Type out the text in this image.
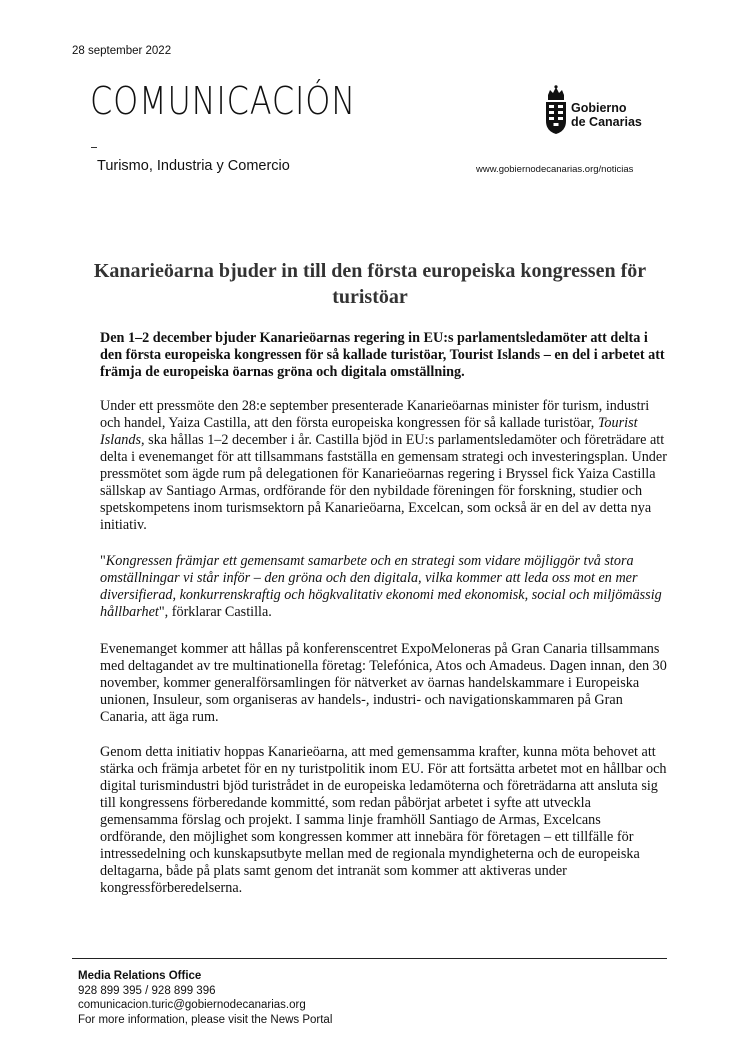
28 september 2022
COMUNICACIÓN
Turismo, Industria y Comercio
Gobierno
de Canarias
www.gobiernodecanarias.org/noticias
Kanarieöarna bjuder in till den första europeiska kongressen för turistöar
Den 1–2 december bjuder Kanarieöarnas regering in EU:s parlamentsledamöter att delta i den första europeiska kongressen för så kallade turistöar, Tourist Islands – en del i arbetet att främja de europeiska öarnas gröna och digitala omställning.

Under ett pressmöte den 28:e september presenterade Kanarieöarnas minister för turism, industri och handel, Yaiza Castilla, att den första europeiska kongressen för så kallade turistöar, Tourist Islands, ska hållas 1–2 december i år. Castilla bjöd in EU:s parlamentsledamöter och företrädare att delta i evenemanget för att tillsammans fastställa en gemensam strategi och investeringsplan. Under pressmötet som ägde rum på delegationen för Kanarieöarnas regering i Bryssel fick Yaiza Castilla sällskap av Santiago Armas, ordförande för den nybildade föreningen för forskning, studier och spetskompetens inom turismsektorn på Kanarieöarna, Excelcan, som också är en del av detta nya initiativ.

"Kongressen främjar ett gemensamt samarbete och en strategi som vidare möjliggör två stora omställningar vi står inför – den gröna och den digitala, vilka kommer att leda oss mot en mer diversifierad, konkurrenskraftig och högkvalitativ ekonomi med ekonomisk, social och miljömässig hållbarhet", förklarar Castilla.

Evenemanget kommer att hållas på konferenscentret ExpoMeloneras på Gran Canaria tillsammans med deltagandet av tre multinationella företag: Telefónica, Atos och Amadeus. Dagen innan, den 30 november, kommer generalförsamlingen för nätverket av öarnas handelskammare i Europeiska unionen, Insuleur, som organiseras av handels-, industri- och navigationskammaren på Gran Canaria, att äga rum.

Genom detta initiativ hoppas Kanarieöarna, att med gemensamma krafter, kunna möta behovet att stärka och främja arbetet för en ny turistpolitik inom EU. För att fortsätta arbetet mot en hållbar och digital turismindustri bjöd turistrådet in de europeiska ledamöterna och företrädarna att ansluta sig till kongressens förberedande kommitté, som redan påbörjat arbetet i syfte att utveckla gemensamma förslag och projekt. I samma linje framhöll Santiago de Armas, Excelcans ordförande, den möjlighet som kongressen kommer att innebära för företagen – ett tillfälle för intressedelning och kunskapsutbyte mellan med de regionala myndigheterna och de europeiska deltagarna, både på plats samt genom det intranät som kommer att aktiveras under kongressförberedelserna.

Media Relations Office
928 899 395 / 928 899 396
comunicacion.turic@gobiernodecanarias.org
For more information, please visit the News Portal
